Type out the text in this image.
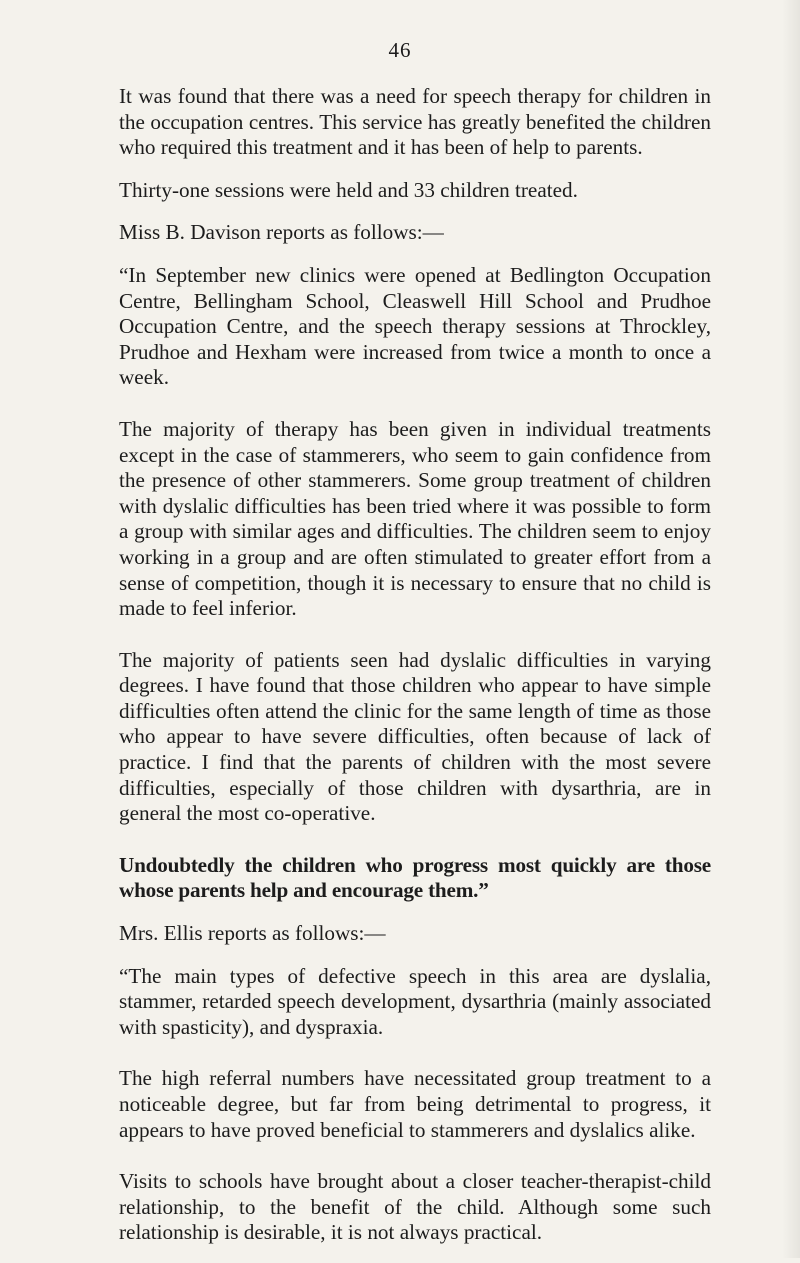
46

It was found that there was a need for speech therapy for children in the occupation centres. This service has greatly benefited the children who required this treatment and it has been of help to parents.

Thirty-one sessions were held and 33 children treated.

Miss B. Davison reports as follows:—

“In September new clinics were opened at Bedlington Occupation Centre, Bellingham School, Cleaswell Hill School and Prudhoe Occupation Centre, and the speech therapy sessions at Throckley, Prudhoe and Hexham were increased from twice a month to once a week.

The majority of therapy has been given in individual treatments except in the case of stammerers, who seem to gain confidence from the presence of other stammerers. Some group treatment of children with dyslalic difficulties has been tried where it was possible to form a group with similar ages and difficulties. The children seem to enjoy working in a group and are often stimulated to greater effort from a sense of competition, though it is necessary to ensure that no child is made to feel inferior.

The majority of patients seen had dyslalic difficulties in varying degrees. I have found that those children who appear to have simple difficulties often attend the clinic for the same length of time as those who appear to have severe difficulties, often because of lack of practice. I find that the parents of children with the most severe difficulties, especially of those children with dysarthria, are in general the most co-operative.

Undoubtedly the children who progress most quickly are those whose parents help and encourage them.”

Mrs. Ellis reports as follows:—

“The main types of defective speech in this area are dyslalia, stammer, retarded speech development, dysarthria (mainly associated with spasticity), and dyspraxia.

The high referral numbers have necessitated group treatment to a noticeable degree, but far from being detrimental to progress, it appears to have proved beneficial to stammerers and dyslalics alike.

Visits to schools have brought about a closer teacher-therapist-child relationship, to the benefit of the child. Although some such relationship is desirable, it is not always practical.
